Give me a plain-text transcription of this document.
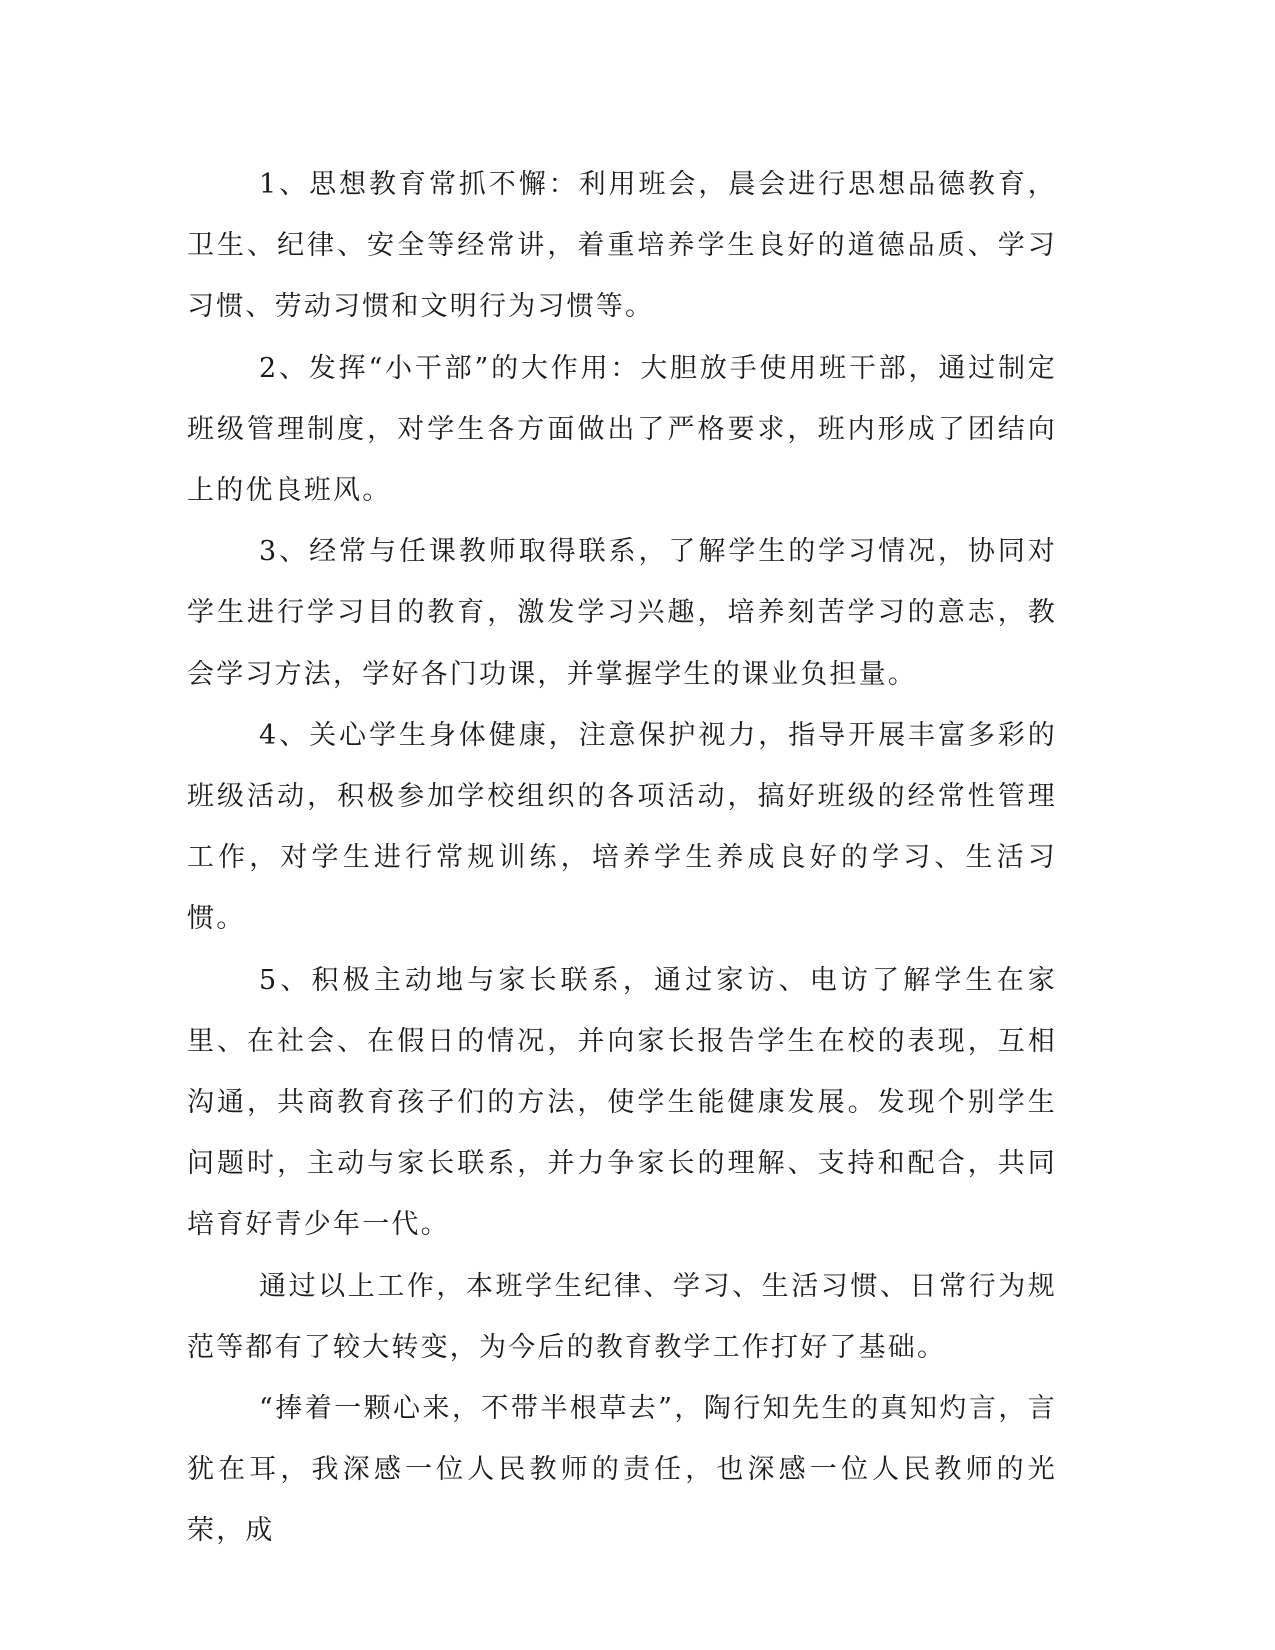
1、思想教育常抓不懈：利用班会，晨会进行思想品德教育，卫生、纪律、安全等经常讲，着重培养学生良好的道德品质、学习习惯、劳动习惯和文明行为习惯等。

2、发挥“小干部”的大作用：大胆放手使用班干部，通过制定班级管理制度，对学生各方面做出了严格要求，班内形成了团结向上的优良班风。

3、经常与任课教师取得联系，了解学生的学习情况，协同对学生进行学习目的教育，激发学习兴趣，培养刻苦学习的意志，教会学习方法，学好各门功课，并掌握学生的课业负担量。

4、关心学生身体健康，注意保护视力，指导开展丰富多彩的班级活动，积极参加学校组织的各项活动，搞好班级的经常性管理工作，对学生进行常规训练，培养学生养成良好的学习、生活习惯。

5、积极主动地与家长联系，通过家访、电访了解学生在家里、在社会、在假日的情况，并向家长报告学生在校的表现，互相沟通，共商教育孩子们的方法，使学生能健康发展。发现个别学生问题时，主动与家长联系，并力争家长的理解、支持和配合，共同培育好青少年一代。

通过以上工作，本班学生纪律、学习、生活习惯、日常行为规范等都有了较大转变，为今后的教育教学工作打好了基础。

“捧着一颗心来，不带半根草去”，陶行知先生的真知灼言，言犹在耳，我深感一位人民教师的责任，也深感一位人民教师的光荣，成
